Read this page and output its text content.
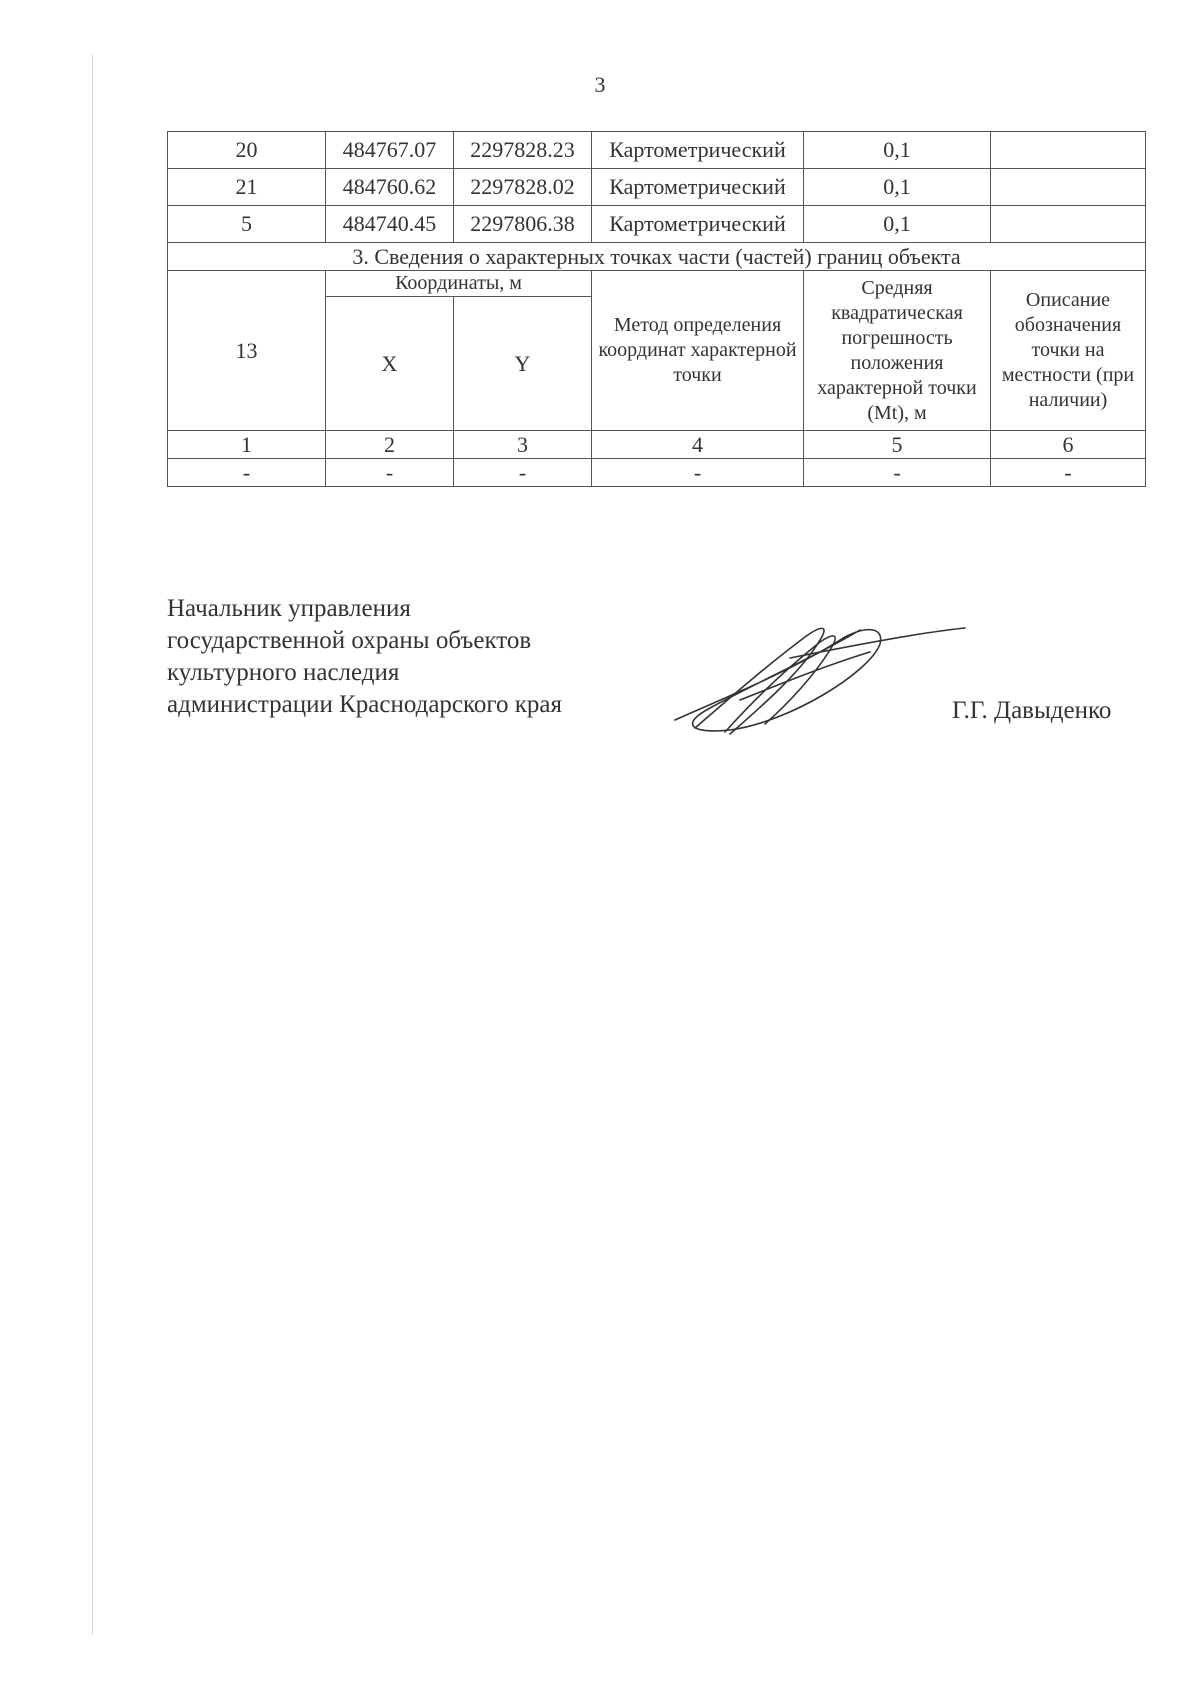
3
20	484767.07	2297828.23	Картометрический	0,1	
21	484760.62	2297828.02	Картометрический	0,1	
5	484740.45	2297806.38	Картометрический	0,1	
3. Сведения о характерных точках части (частей) границ объекта					
13	Координаты, м		Метод определения координат характерной точки	Средняя квадратическая погрешность положения характерной точки (Mt), м	Описание обозначения точки на местности (при наличии)
	X	Y			
1	2	3	4	5	6
-	-	-	-	-	-
Начальник управления
государственной охраны объектов
культурного наследия
администрации Краснодарского края	Г.Г. Давыденко
